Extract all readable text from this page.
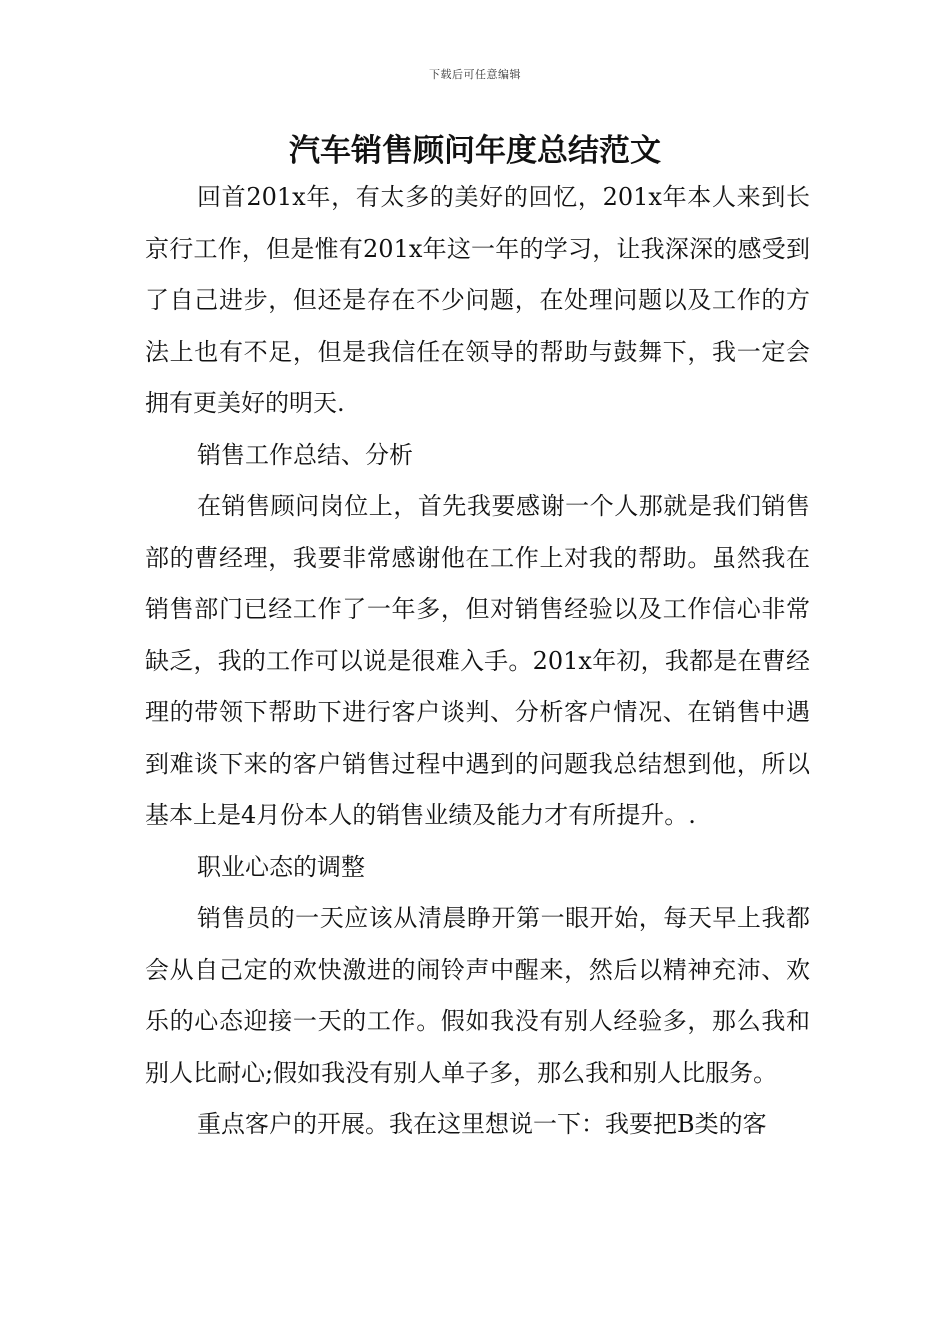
下载后可任意编辑
汽车销售顾问年度总结范文

回首201x年，有太多的美好的回忆，201x年本人来到长京行工作，但是惟有201x年这一年的学习，让我深深的感受到了自己进步，但还是存在不少问题，在处理问题以及工作的方法上也有不足，但是我信任在领导的帮助与鼓舞下，我一定会拥有更美好的明天.

销售工作总结、分析

在销售顾问岗位上，首先我要感谢一个人那就是我们销售部的曹经理，我要非常感谢他在工作上对我的帮助。虽然我在销售部门已经工作了一年多，但对销售经验以及工作信心非常缺乏，我的工作可以说是很难入手。201x年初，我都是在曹经理的带领下帮助下进行客户谈判、分析客户情况、在销售中遇到难谈下来的客户销售过程中遇到的问题我总结想到他，所以基本上是4月份本人的销售业绩及能力才有所提升。.

职业心态的调整

销售员的一天应该从清晨睁开第一眼开始，每天早上我都会从自己定的欢快激进的闹铃声中醒来，然后以精神充沛、欢乐的心态迎接一天的工作。假如我没有别人经验多，那么我和别人比耐心;假如我没有别人单子多，那么我和别人比服务。

重点客户的开展。我在这里想说一下：我要把B类的客
